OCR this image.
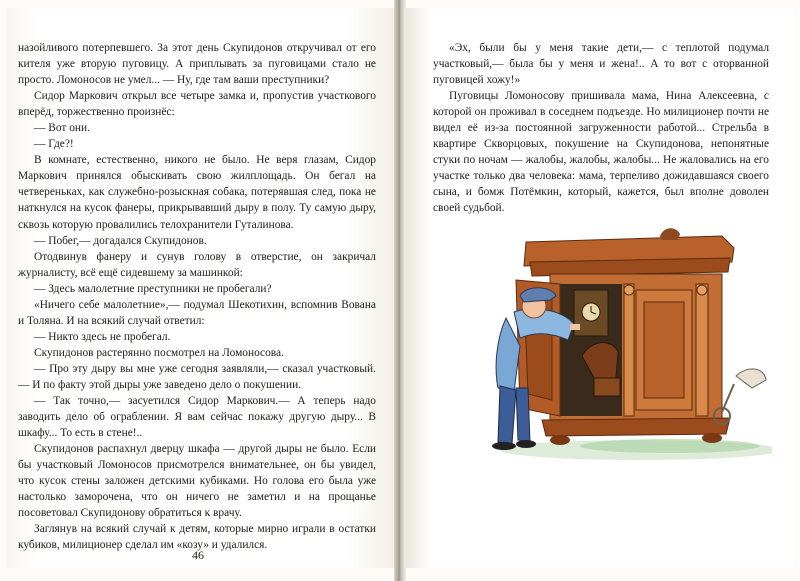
назойливого потерпевшего. За этот день Скупидонов откручивал от его кителя уже вторую пуговицу. А приплывать за пуговицами стало не просто. Ломоносов не умел... — Ну, где там ваши преступники?

Сидор Маркович открыл все четыре замка и, пропустив участкового вперёд, торжественно произнёс:

— Вот они.

— Где?!

В комнате, естественно, никого не было. Не веря глазам, Сидор Маркович принялся обыскивать свою жилплощадь. Он бегал на четвереньках, как служебно-розыскная собака, потерявшая след, пока не наткнулся на кусок фанеры, прикрывавший дыру в полу. Ту самую дыру, сквозь которую провалились телохранители Гуталинова.

— Побег,— догадался Скупидонов.

Отодвинув фанеру и сунув голову в отверстие, он закричал журналисту, всё ещё сидевшему за машинкой:

— Здесь малолетние преступники не пробегали?

«Ничего себе малолетние»,— подумал Шекотихин, вспомнив Вована и Толяна. И на всякий случай ответил:

— Никто здесь не пробегал.

Скупидонов растерянно посмотрел на Ломоносова.

— Про эту дыру вы мне уже сегодня заявляли,— сказал участковый.— И по факту этой дыры уже заведено дело о покушении.

— Так точно,— засуетился Сидор Маркович.— А теперь надо заводить дело об ограблении. Я вам сейчас покажу другую дыру... В шкафу... То есть в стене!..

Скупидонов распахнул дверцу шкафа — другой дыры не было. Если бы участковый Ломоносов присмотрелся внимательнее, он бы увидел, что кусок стены заложен детскими кубиками. Но голова его была уже настолько заморочена, что он ничего не заметил и на прощанье посоветовал Скупидонову обратиться к врачу.

Заглянув на всякий случай к детям, которые мирно играли в остатки кубиков, милиционер сделал им «козу» и удалился.

46

«Эх, были бы у меня такие дети,— с теплотой подумал участковый,— была бы у меня и жена!.. А то вот с оторванной пуговицей хожу!»

Пуговицы Ломоносову пришивала мама, Нина Алексеевна, с которой он проживал в соседнем подъезде. Но милиционер почти не видел её из-за постоянной загруженности работой... Стрельба в квартире Скворцовых, покушение на Скупидонова, непонятные стуки по ночам — жалобы, жалобы, жалобы... Не жаловались на его участке только два человека: мама, терпеливо дожидавшаяся своего сына, и бомж Потёмкин, который, кажется, был вполне доволен своей судьбой.
